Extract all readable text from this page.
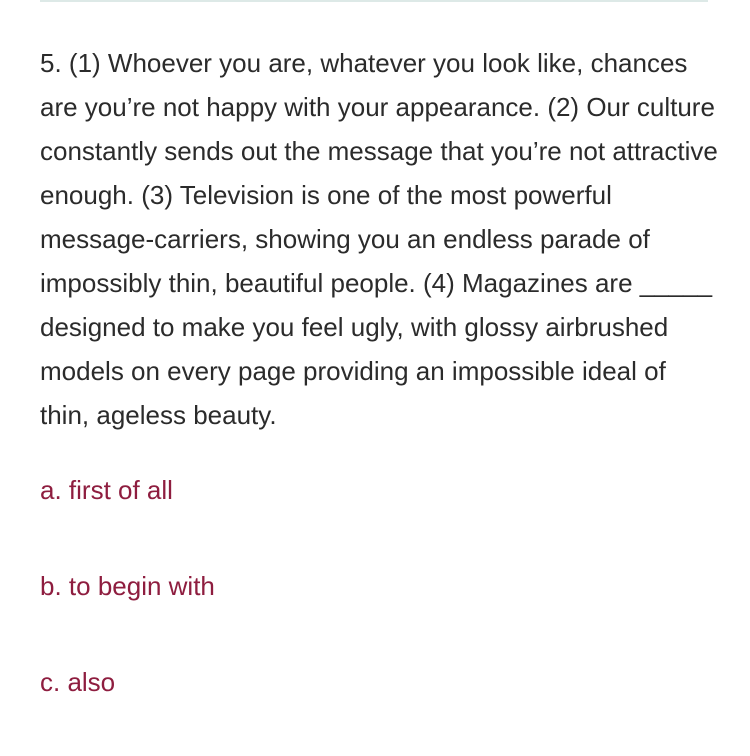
5. (1) Whoever you are, whatever you look like, chances are you’re not happy with your appearance. (2) Our culture constantly sends out the message that you’re not attractive enough. (3) Television is one of the most powerful message-carriers, showing you an endless parade of impossibly thin, beautiful people. (4) Magazines are _____ designed to make you feel ugly, with glossy airbrushed models on every page providing an impossible ideal of thin, ageless beauty.

a. first of all
b. to begin with
c. also
